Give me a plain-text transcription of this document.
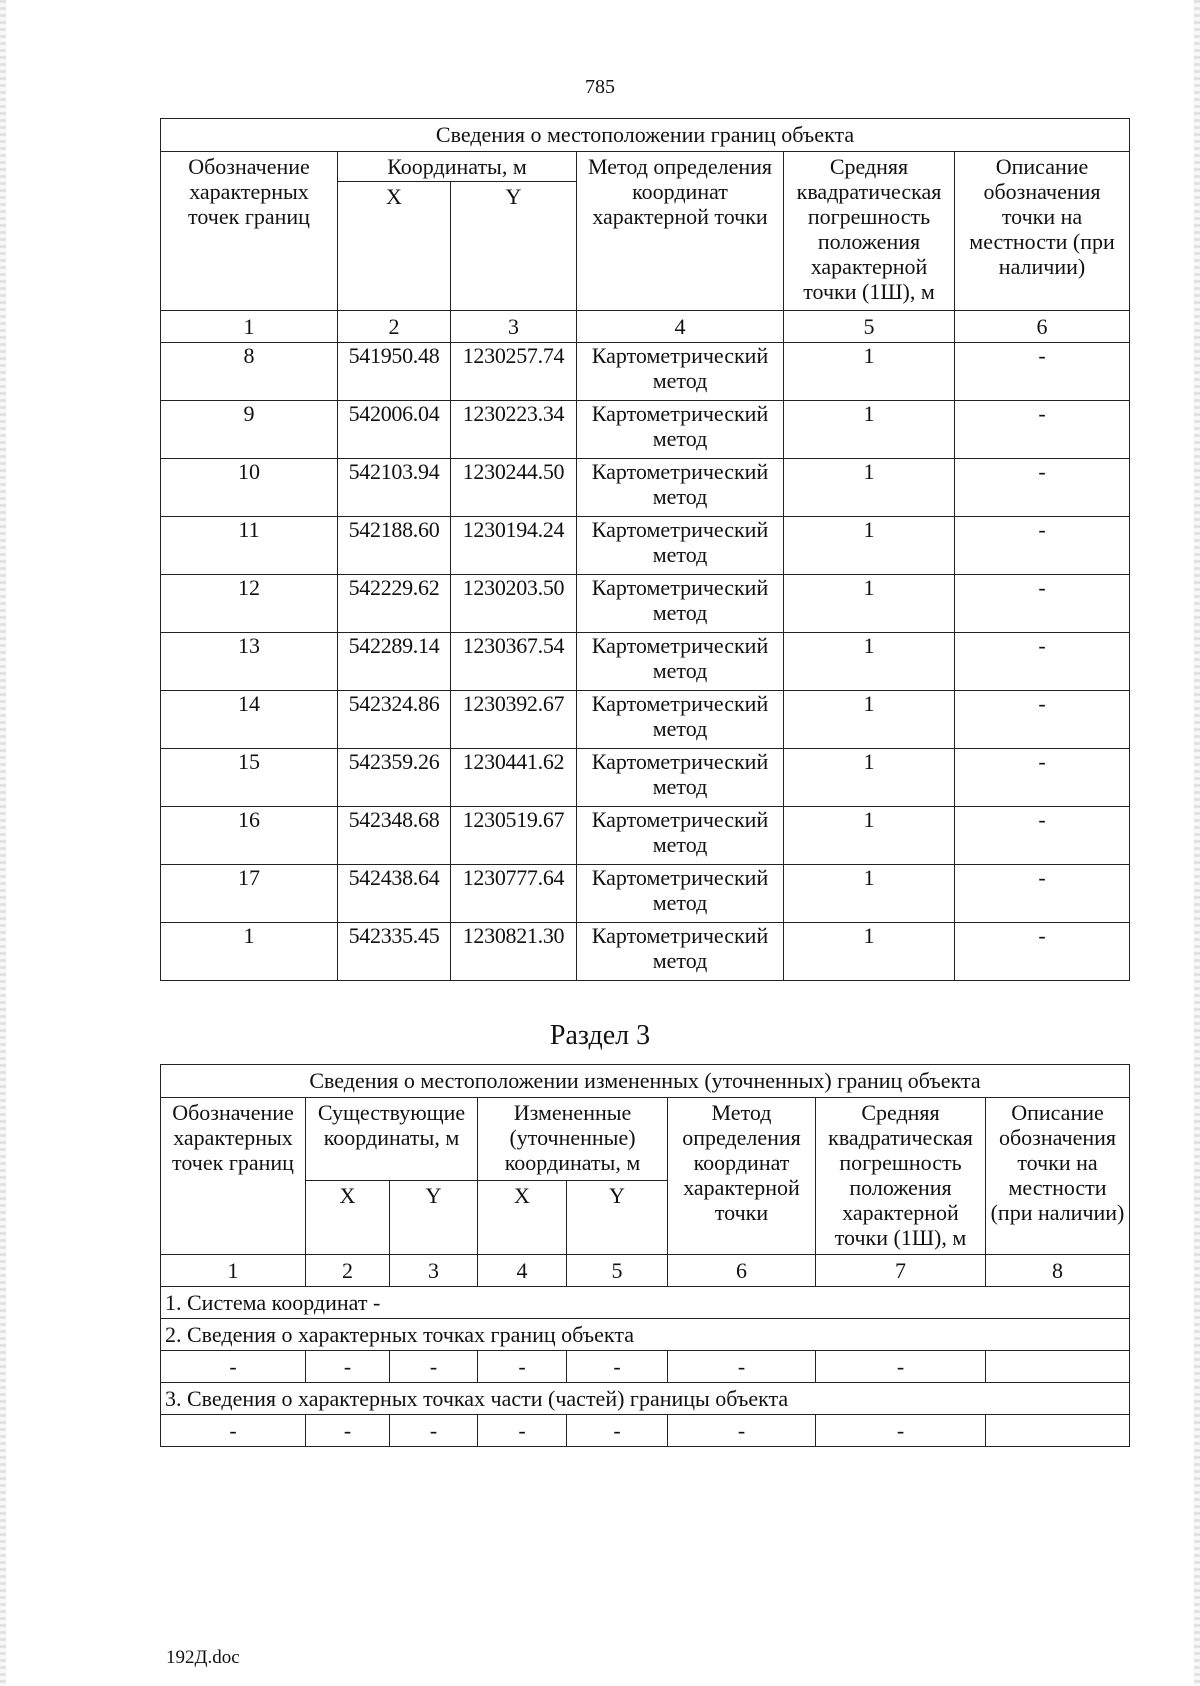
785
Сведения о местоположении границ объекта					
Обозначение характерных точек границ	Координаты, м		Метод определения координат характерной точки	Средняя квадратическая погрешность положения характерной точки (1Ш), м	Описание обозначения точки на местности (при наличии)
	X	Y			
1	2	3	4	5	6
8	541950.48	1230257.74	Картометрический метод	1	-
9	542006.04	1230223.34	Картометрический метод	1	-
10	542103.94	1230244.50	Картометрический метод	1	-
11	542188.60	1230194.24	Картометрический метод	1	-
12	542229.62	1230203.50	Картометрический метод	1	-
13	542289.14	1230367.54	Картометрический метод	1	-
14	542324.86	1230392.67	Картометрический метод	1	-
15	542359.26	1230441.62	Картометрический метод	1	-
16	542348.68	1230519.67	Картометрический метод	1	-
17	542438.64	1230777.64	Картометрический метод	1	-
1	542335.45	1230821.30	Картометрический метод	1	-
Раздел 3
Сведения о местоположении измененных (уточненных) границ объекта							
Обозначение характерных точек границ	Существующие координаты, м		Измененные (уточненные) координаты, м		Метод определения координат характерной точки	Средняя квадратическая погрешность положения характерной точки (1Ш), м	Описание обозначения точки на местности (при наличии)
	X	Y	X	Y			
1	2	3	4	5	6	7	8
1. Система координат -							
2. Сведения о характерных точках границ объекта							
-	-	-	-	-	-	-	
3. Сведения о характерных точках части (частей) границы объекта							
-	-	-	-	-	-	-	
192Д.doc
